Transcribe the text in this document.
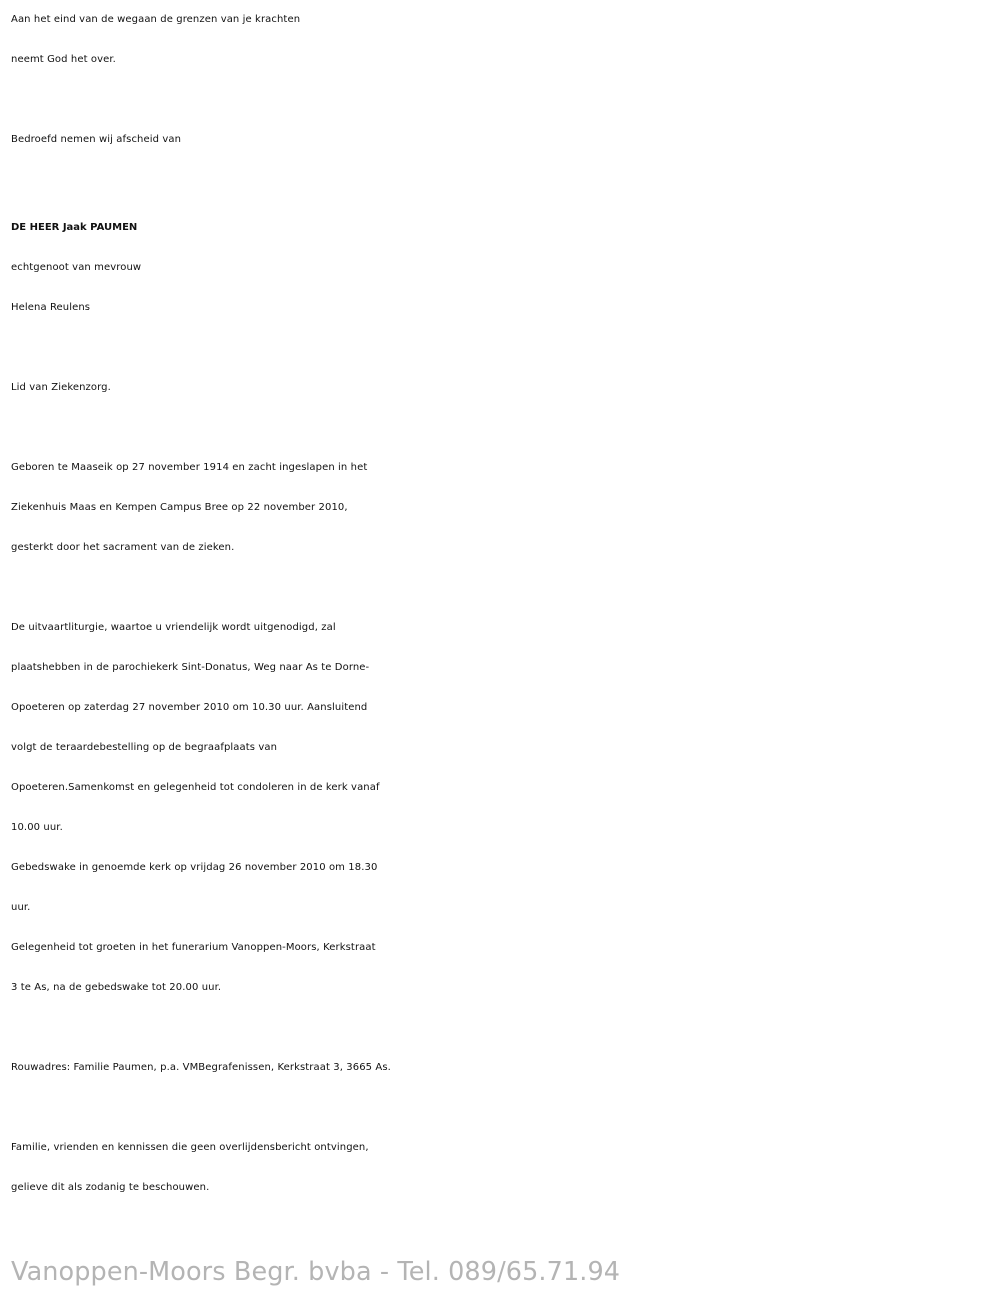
Aan het eind van de wegaan de grenzen van je krachten

neemt God het over.

Bedroefd nemen wij afscheid van

DE HEER Jaak PAUMEN

echtgenoot van mevrouw

Helena Reulens

Lid van Ziekenzorg.

Geboren te Maaseik op 27 november 1914 en zacht ingeslapen in het

Ziekenhuis Maas en Kempen Campus Bree op 22 november 2010,

gesterkt door het sacrament van de zieken.

De uitvaartliturgie, waartoe u vriendelijk wordt uitgenodigd, zal

plaatshebben in de parochiekerk Sint-Donatus, Weg naar As te Dorne-

Opoeteren op zaterdag 27 november 2010 om 10.30 uur. Aansluitend

volgt de teraardebestelling op de begraafplaats van

Opoeteren.Samenkomst en gelegenheid tot condoleren in de kerk vanaf

10.00 uur.

Gebedswake in genoemde kerk op vrijdag 26 november 2010 om 18.30

uur.

Gelegenheid tot groeten in het funerarium Vanoppen-Moors, Kerkstraat

3 te As, na de gebedswake tot 20.00 uur.

Rouwadres: Familie Paumen, p.a. VMBegrafenissen, Kerkstraat 3, 3665 As.

Familie, vrienden en kennissen die geen overlijdensbericht ontvingen,

gelieve dit als zodanig te beschouwen.

Vanoppen-Moors Begr. bvba - Tel. 089/65.71.94
